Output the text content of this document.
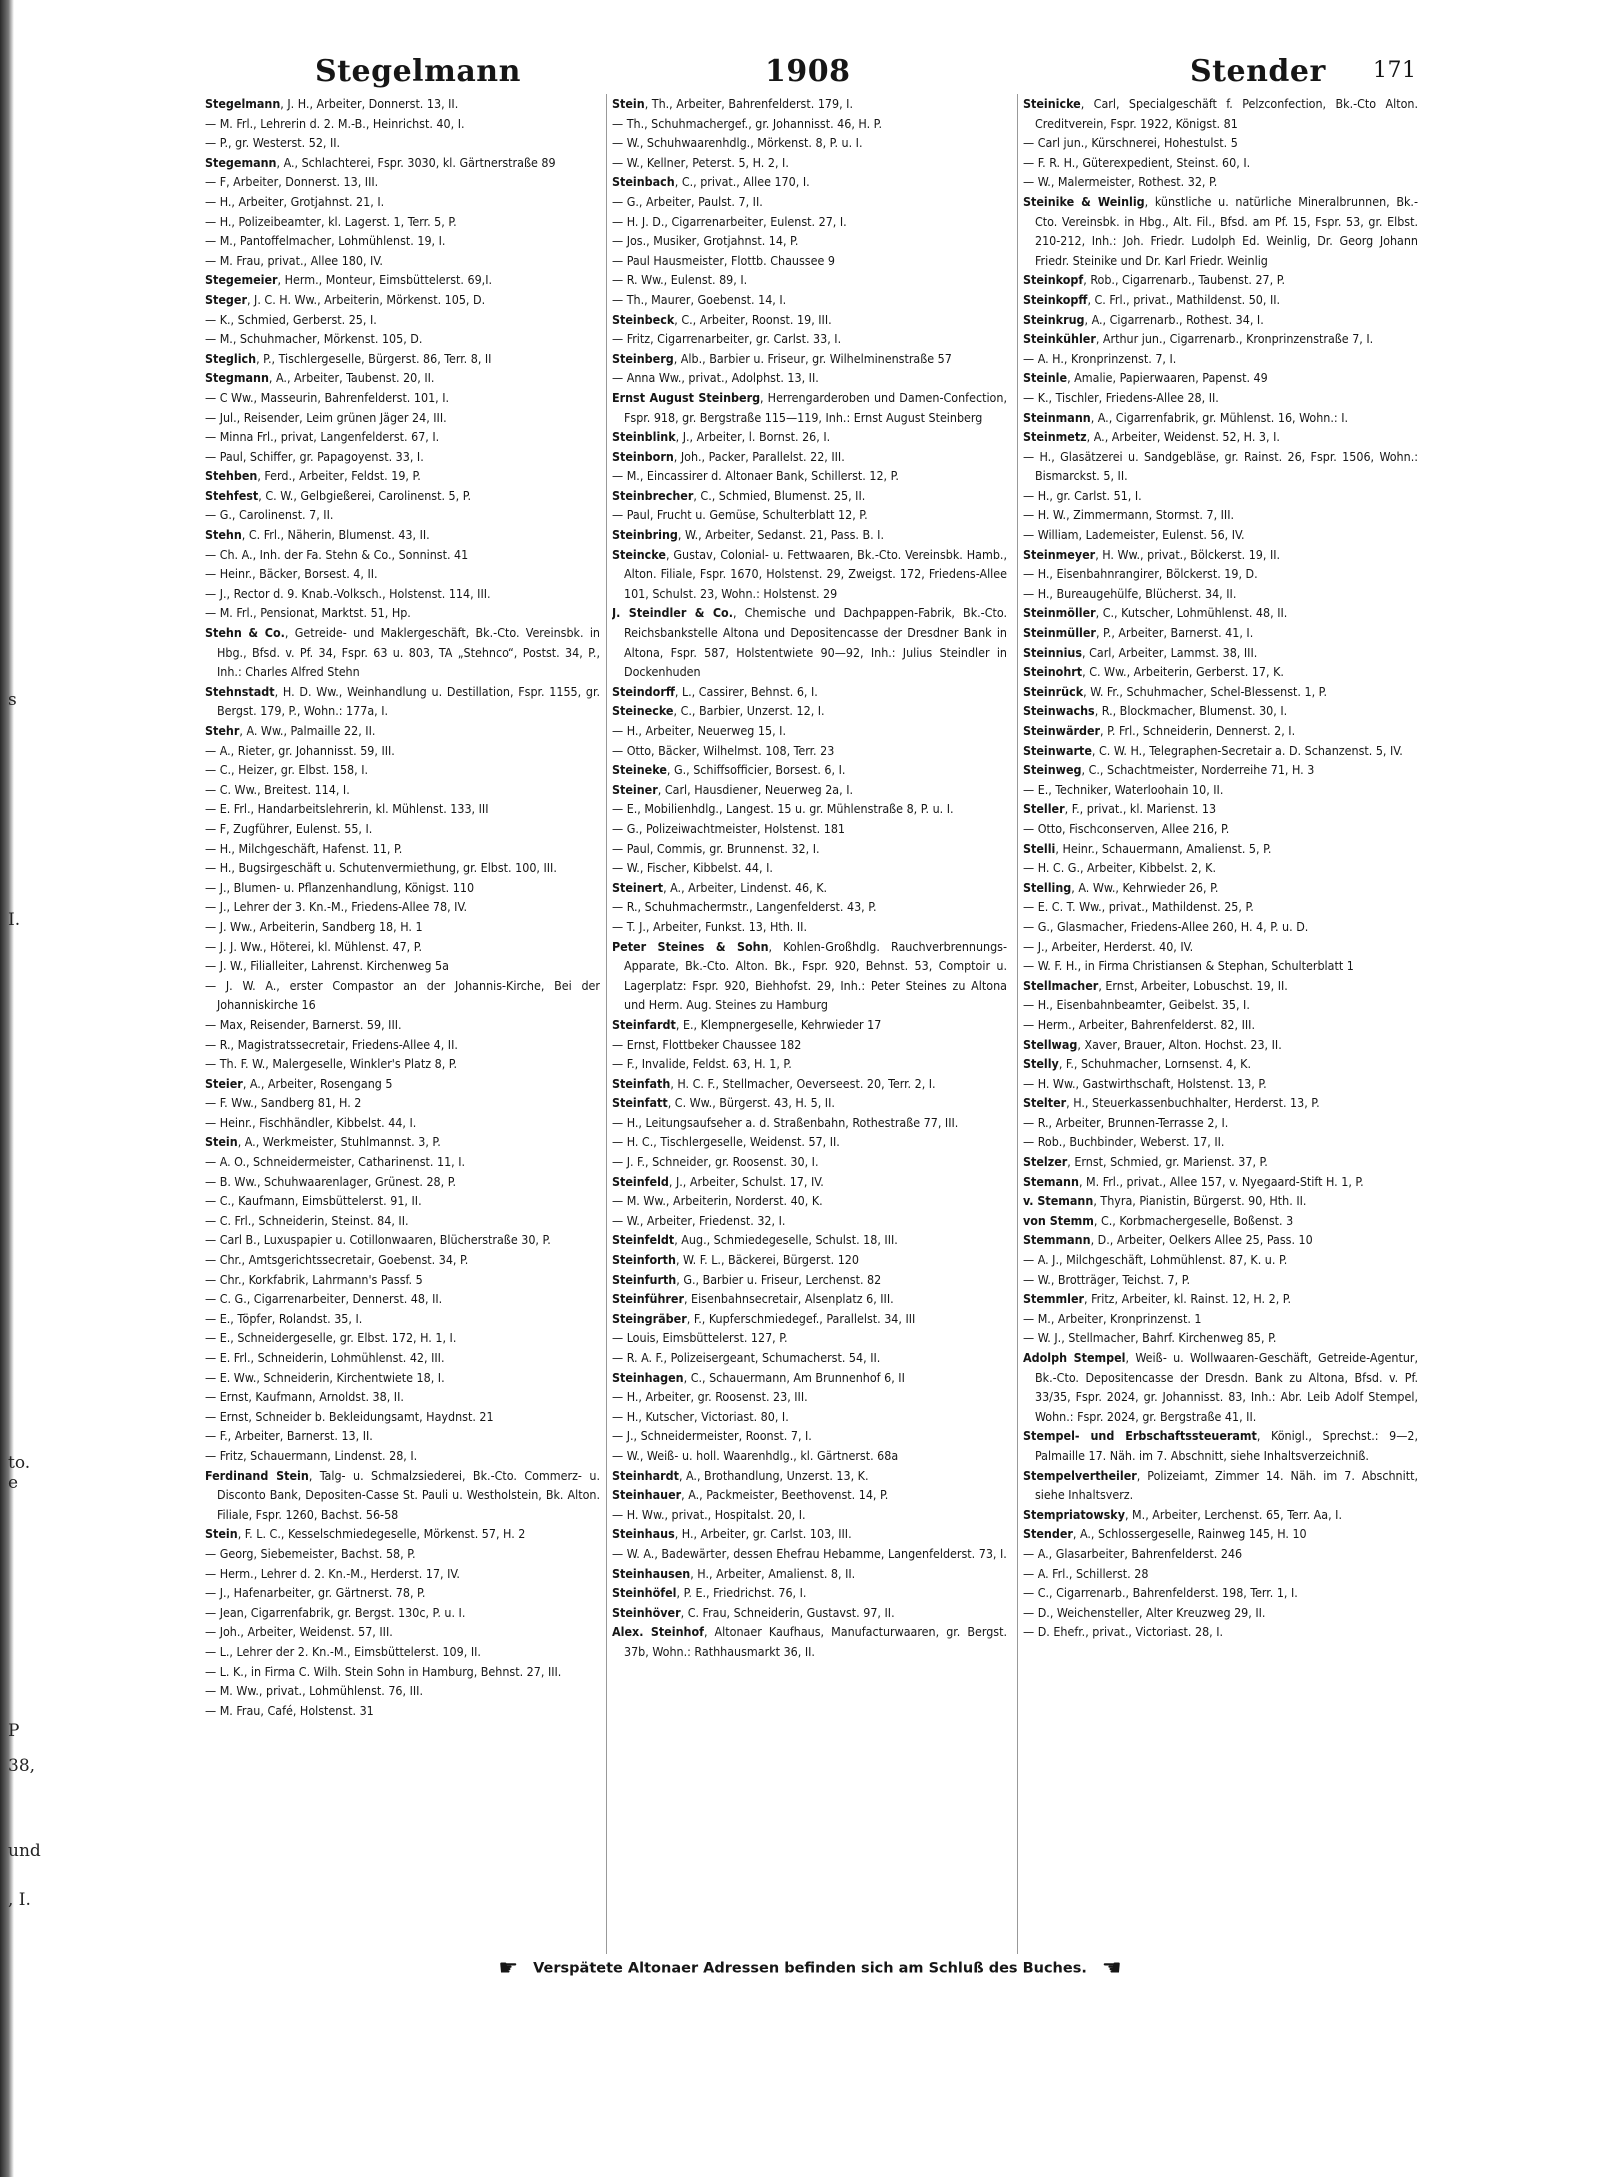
s
I.
to.
e
P
38,
und
, I.
Stegelmann	1908	Stender 171

Stegelmann, J. H., Arbeiter, Donnerst. 13, II.

— M. Frl., Lehrerin d. 2. M.-B., Heinrichst. 40, I.

— P., gr. Westerst. 52, II.

Stegemann, A., Schlachterei, Fspr. 3030, kl. Gärtnerstraße 89

— F, Arbeiter, Donnerst. 13, III.

— H., Arbeiter, Grotjahnst. 21, I.

— H., Polizeibeamter, kl. Lagerst. 1, Terr. 5, P.

— M., Pantoffelmacher, Lohmühlenst. 19, I.

— M. Frau, privat., Allee 180, IV.

Stegemeier, Herm., Monteur, Eimsbüttelerst. 69,I.

Steger, J. C. H. Ww., Arbeiterin, Mörkenst. 105, D.

— K., Schmied, Gerberst. 25, I.

— M., Schuhmacher, Mörkenst. 105, D.

Steglich, P., Tischlergeselle, Bürgerst. 86, Terr. 8, II

Stegmann, A., Arbeiter, Taubenst. 20, II.

— C Ww., Masseurin, Bahrenfelderst. 101, I.

— Jul., Reisender, Leim grünen Jäger 24, III.

— Minna Frl., privat, Langenfelderst. 67, I.

— Paul, Schiffer, gr. Papagoyenst. 33, I.

Stehben, Ferd., Arbeiter, Feldst. 19, P.

Stehfest, C. W., Gelbgießerei, Carolinenst. 5, P.

— G., Carolinenst. 7, II.

Stehn, C. Frl., Näherin, Blumenst. 43, II.

— Ch. A., Inh. der Fa. Stehn & Co., Sonninst. 41

— Heinr., Bäcker, Borsest. 4, II.

— J., Rector d. 9. Knab.-Volksch., Holstenst. 114, III.

— M. Frl., Pensionat, Marktst. 51, Hp.

Stehn & Co., Getreide- und Maklergeschäft, Bk.-Cto. Vereinsbk. in Hbg., Bfsd. v. Pf. 34, Fspr. 63 u. 803, TA „Stehnco“, Postst. 34, P., Inh.: Charles Alfred Stehn

Stehnstadt, H. D. Ww., Weinhandlung u. Destillation, Fspr. 1155, gr. Bergst. 179, P., Wohn.: 177a, I.

Stehr, A. Ww., Palmaille 22, II.

— A., Rieter, gr. Johannisst. 59, III.

— C., Heizer, gr. Elbst. 158, I.

— C. Ww., Breitest. 114, I.

— E. Frl., Handarbeitslehrerin, kl. Mühlenst. 133, III

— F, Zugführer, Eulenst. 55, I.

— H., Milchgeschäft, Hafenst. 11, P.

— H., Bugsirgeschäft u. Schutenvermiethung, gr. Elbst. 100, III.

— J., Blumen- u. Pflanzenhandlung, Königst. 110

— J., Lehrer der 3. Kn.-M., Friedens-Allee 78, IV.

— J. Ww., Arbeiterin, Sandberg 18, H. 1

— J. J. Ww., Höterei, kl. Mühlenst. 47, P.

— J. W., Filialleiter, Lahrenst. Kirchenweg 5a

— J. W. A., erster Compastor an der Johannis-Kirche, Bei der Johanniskirche 16

— Max, Reisender, Barnerst. 59, III.

— R., Magistratssecretair, Friedens-Allee 4, II.

— Th. F. W., Malergeselle, Winkler's Platz 8, P.

Steier, A., Arbeiter, Rosengang 5

— F. Ww., Sandberg 81, H. 2

— Heinr., Fischhändler, Kibbelst. 44, I.

Stein, A., Werkmeister, Stuhlmannst. 3, P.

— A. O., Schneidermeister, Catharinenst. 11, I.

— B. Ww., Schuhwaarenlager, Grünest. 28, P.

— C., Kaufmann, Eimsbüttelerst. 91, II.

— C. Frl., Schneiderin, Steinst. 84, II.

— Carl B., Luxuspapier u. Cotillonwaaren, Blücherstraße 30, P.

— Chr., Amtsgerichtssecretair, Goebenst. 34, P.

— Chr., Korkfabrik, Lahrmann's Passf. 5

— C. G., Cigarrenarbeiter, Dennerst. 48, II.

— E., Töpfer, Rolandst. 35, I.

— E., Schneidergeselle, gr. Elbst. 172, H. 1, I.

— E. Frl., Schneiderin, Lohmühlenst. 42, III.

— E. Ww., Schneiderin, Kirchentwiete 18, I.

— Ernst, Kaufmann, Arnoldst. 38, II.

— Ernst, Schneider b. Bekleidungsamt, Haydnst. 21

— F., Arbeiter, Barnerst. 13, II.

— Fritz, Schauermann, Lindenst. 28, I.

Ferdinand Stein, Talg- u. Schmalzsiederei, Bk.-Cto. Commerz- u. Disconto Bank, Depositen-Casse St. Pauli u. Westholstein, Bk. Alton. Filiale, Fspr. 1260, Bachst. 56-58

Stein, F. L. C., Kesselschmiedegeselle, Mörkenst. 57, H. 2

— Georg, Siebemeister, Bachst. 58, P.

— Herm., Lehrer d. 2. Kn.-M., Herderst. 17, IV.

— J., Hafenarbeiter, gr. Gärtnerst. 78, P.

— Jean, Cigarrenfabrik, gr. Bergst. 130c, P. u. I.

— Joh., Arbeiter, Weidenst. 57, III.

— L., Lehrer der 2. Kn.-M., Eimsbüttelerst. 109, II.

— L. K., in Firma C. Wilh. Stein Sohn in Hamburg, Behnst. 27, III.

— M. Ww., privat., Lohmühlenst. 76, III.

— M. Frau, Café, Holstenst. 31

Stein, Th., Arbeiter, Bahrenfelderst. 179, I.

— Th., Schuhmachergef., gr. Johannisst. 46, H. P.

— W., Schuhwaarenhdlg., Mörkenst. 8, P. u. I.

— W., Kellner, Peterst. 5, H. 2, I.

Steinbach, C., privat., Allee 170, I.

— G., Arbeiter, Paulst. 7, II.

— H. J. D., Cigarrenarbeiter, Eulenst. 27, I.

— Jos., Musiker, Grotjahnst. 14, P.

— Paul Hausmeister, Flottb. Chaussee 9

— R. Ww., Eulenst. 89, I.

— Th., Maurer, Goebenst. 14, I.

Steinbeck, C., Arbeiter, Roonst. 19, III.

— Fritz, Cigarrenarbeiter, gr. Carlst. 33, I.

Steinberg, Alb., Barbier u. Friseur, gr. Wilhelminenstraße 57

— Anna Ww., privat., Adolphst. 13, II.

Ernst August Steinberg, Herrengarderoben und Damen-Confection, Fspr. 918, gr. Bergstraße 115—119, Inh.: Ernst August Steinberg

Steinblink, J., Arbeiter, l. Bornst. 26, I.

Steinborn, Joh., Packer, Parallelst. 22, III.

— M., Eincassirer d. Altonaer Bank, Schillerst. 12, P.

Steinbrecher, C., Schmied, Blumenst. 25, II.

— Paul, Frucht u. Gemüse, Schulterblatt 12, P.

Steinbring, W., Arbeiter, Sedanst. 21, Pass. B. I.

Steincke, Gustav, Colonial- u. Fettwaaren, Bk.-Cto. Vereinsbk. Hamb., Alton. Filiale, Fspr. 1670, Holstenst. 29, Zweigst. 172, Friedens-Allee 101, Schulst. 23, Wohn.: Holstenst. 29

J. Steindler & Co., Chemische und Dachpappen-Fabrik, Bk.-Cto. Reichsbankstelle Altona und Depositencasse der Dresdner Bank in Altona, Fspr. 587, Holstentwiete 90—92, Inh.: Julius Steindler in Dockenhuden

Steindorff, L., Cassirer, Behnst. 6, I.

Steinecke, C., Barbier, Unzerst. 12, I.

— H., Arbeiter, Neuerweg 15, I.

— Otto, Bäcker, Wilhelmst. 108, Terr. 23

Steineke, G., Schiffsofficier, Borsest. 6, I.

Steiner, Carl, Hausdiener, Neuerweg 2a, I.

— E., Mobilienhdlg., Langest. 15 u. gr. Mühlenstraße 8, P. u. I.

— G., Polizeiwachtmeister, Holstenst. 181

— Paul, Commis, gr. Brunnenst. 32, I.

— W., Fischer, Kibbelst. 44, I.

Steinert, A., Arbeiter, Lindenst. 46, K.

— R., Schuhmachermstr., Langenfelderst. 43, P.

— T. J., Arbeiter, Funkst. 13, Hth. II.

Peter Steines & Sohn, Kohlen-Großhdlg. Rauchverbrennungs-Apparate, Bk.-Cto. Alton. Bk., Fspr. 920, Behnst. 53, Comptoir u. Lagerplatz: Fspr. 920, Biehhofst. 29, Inh.: Peter Steines zu Altona und Herm. Aug. Steines zu Hamburg

Steinfardt, E., Klempnergeselle, Kehrwieder 17

— Ernst, Flottbeker Chaussee 182

— F., Invalide, Feldst. 63, H. 1, P.

Steinfath, H. C. F., Stellmacher, Oeverseest. 20, Terr. 2, I.

Steinfatt, C. Ww., Bürgerst. 43, H. 5, II.

— H., Leitungsaufseher a. d. Straßenbahn, Rothestraße 77, III.

— H. C., Tischlergeselle, Weidenst. 57, II.

— J. F., Schneider, gr. Roosenst. 30, I.

Steinfeld, J., Arbeiter, Schulst. 17, IV.

— M. Ww., Arbeiterin, Norderst. 40, K.

— W., Arbeiter, Friedenst. 32, I.

Steinfeldt, Aug., Schmiedegeselle, Schulst. 18, III.

Steinforth, W. F. L., Bäckerei, Bürgerst. 120

Steinfurth, G., Barbier u. Friseur, Lerchenst. 82

Steinführer, Eisenbahnsecretair, Alsenplatz 6, III.

Steingräber, F., Kupferschmiedegef., Parallelst. 34, III

— Louis, Eimsbüttelerst. 127, P.

— R. A. F., Polizeisergeant, Schumacherst. 54, II.

Steinhagen, C., Schauermann, Am Brunnenhof 6, II

— H., Arbeiter, gr. Roosenst. 23, III.

— H., Kutscher, Victoriast. 80, I.

— J., Schneidermeister, Roonst. 7, I.

— W., Weiß- u. holl. Waarenhdlg., kl. Gärtnerst. 68a

Steinhardt, A., Brothandlung, Unzerst. 13, K.

Steinhauer, A., Packmeister, Beethovenst. 14, P.

— H. Ww., privat., Hospitalst. 20, I.

Steinhaus, H., Arbeiter, gr. Carlst. 103, III.

— W. A., Badewärter, dessen Ehefrau Hebamme, Langenfelderst. 73, I.

Steinhausen, H., Arbeiter, Amalienst. 8, II.

Steinhöfel, P. E., Friedrichst. 76, I.

Steinhöver, C. Frau, Schneiderin, Gustavst. 97, II.

Alex. Steinhof, Altonaer Kaufhaus, Manufacturwaaren, gr. Bergst. 37b, Wohn.: Rathhausmarkt 36, II.

Steinicke, Carl, Specialgeschäft f. Pelzconfection, Bk.-Cto Alton. Creditverein, Fspr. 1922, Königst. 81

— Carl jun., Kürschnerei, Hohestulst. 5

— F. R. H., Güterexpedient, Steinst. 60, I.

— W., Malermeister, Rothest. 32, P.

Steinike & Weinlig, künstliche u. natürliche Mineralbrunnen, Bk.-Cto. Vereinsbk. in Hbg., Alt. Fil., Bfsd. am Pf. 15, Fspr. 53, gr. Elbst. 210-212, Inh.: Joh. Friedr. Ludolph Ed. Weinlig, Dr. Georg Johann Friedr. Steinike und Dr. Karl Friedr. Weinlig

Steinkopf, Rob., Cigarrenarb., Taubenst. 27, P.

Steinkopff, C. Frl., privat., Mathildenst. 50, II.

Steinkrug, A., Cigarrenarb., Rothest. 34, I.

Steinkühler, Arthur jun., Cigarrenarb., Kronprinzenstraße 7, I.

— A. H., Kronprinzenst. 7, I.

Steinle, Amalie, Papierwaaren, Papenst. 49

— K., Tischler, Friedens-Allee 28, II.

Steinmann, A., Cigarrenfabrik, gr. Mühlenst. 16, Wohn.: I.

Steinmetz, A., Arbeiter, Weidenst. 52, H. 3, I.

— H., Glasätzerei u. Sandgebläse, gr. Rainst. 26, Fspr. 1506, Wohn.: Bismarckst. 5, II.

— H., gr. Carlst. 51, I.

— H. W., Zimmermann, Stormst. 7, III.

— William, Lademeister, Eulenst. 56, IV.

Steinmeyer, H. Ww., privat., Bölckerst. 19, II.

— H., Eisenbahnrangirer, Bölckerst. 19, D.

— H., Bureaugehülfe, Blücherst. 34, II.

Steinmöller, C., Kutscher, Lohmühlenst. 48, II.

Steinmüller, P., Arbeiter, Barnerst. 41, I.

Steinnius, Carl, Arbeiter, Lammst. 38, III.

Steinohrt, C. Ww., Arbeiterin, Gerberst. 17, K.

Steinrück, W. Fr., Schuhmacher, Schel-Blessenst. 1, P.

Steinwachs, R., Blockmacher, Blumenst. 30, I.

Steinwärder, P. Frl., Schneiderin, Dennerst. 2, I.

Steinwarte, C. W. H., Telegraphen-Secretair a. D. Schanzenst. 5, IV.

Steinweg, C., Schachtmeister, Norderreihe 71, H. 3

— E., Techniker, Waterloohain 10, II.

Steller, F., privat., kl. Marienst. 13

— Otto, Fischconserven, Allee 216, P.

Stelli, Heinr., Schauermann, Amalienst. 5, P.

— H. C. G., Arbeiter, Kibbelst. 2, K.

Stelling, A. Ww., Kehrwieder 26, P.

— E. C. T. Ww., privat., Mathildenst. 25, P.

— G., Glasmacher, Friedens-Allee 260, H. 4, P. u. D.

— J., Arbeiter, Herderst. 40, IV.

— W. F. H., in Firma Christiansen & Stephan, Schulterblatt 1

Stellmacher, Ernst, Arbeiter, Lobuschst. 19, II.

— H., Eisenbahnbeamter, Geibelst. 35, I.

— Herm., Arbeiter, Bahrenfelderst. 82, III.

Stellwag, Xaver, Brauer, Alton. Hochst. 23, II.

Stelly, F., Schuhmacher, Lornsenst. 4, K.

— H. Ww., Gastwirthschaft, Holstenst. 13, P.

Stelter, H., Steuerkassenbuchhalter, Herderst. 13, P.

— R., Arbeiter, Brunnen-Terrasse 2, I.

— Rob., Buchbinder, Weberst. 17, II.

Stelzer, Ernst, Schmied, gr. Marienst. 37, P.

Stemann, M. Frl., privat., Allee 157, v. Nyegaard-Stift H. 1, P.

v. Stemann, Thyra, Pianistin, Bürgerst. 90, Hth. II.

von Stemm, C., Korbmachergeselle, Boßenst. 3

Stemmann, D., Arbeiter, Oelkers Allee 25, Pass. 10

— A. J., Milchgeschäft, Lohmühlenst. 87, K. u. P.

— W., Brotträger, Teichst. 7, P.

Stemmler, Fritz, Arbeiter, kl. Rainst. 12, H. 2, P.

— M., Arbeiter, Kronprinzenst. 1

— W. J., Stellmacher, Bahrf. Kirchenweg 85, P.

Adolph Stempel, Weiß- u. Wollwaaren-Geschäft, Getreide-Agentur, Bk.-Cto. Depositencasse der Dresdn. Bank zu Altona, Bfsd. v. Pf. 33/35, Fspr. 2024, gr. Johannisst. 83, Inh.: Abr. Leib Adolf Stempel, Wohn.: Fspr. 2024, gr. Bergstraße 41, II.

Stempel- und Erbschaftssteueramt, Königl., Sprechst.: 9—2, Palmaille 17. Näh. im 7. Abschnitt, siehe Inhaltsverzeichniß.

Stempelvertheiler, Polizeiamt, Zimmer 14. Näh. im 7. Abschnitt, siehe Inhaltsverz.

Stempriatowsky, M., Arbeiter, Lerchenst. 65, Terr. Aa, I.

Stender, A., Schlossergeselle, Rainweg 145, H. 10

— A., Glasarbeiter, Bahrenfelderst. 246

— A. Frl., Schillerst. 28

— C., Cigarrenarb., Bahrenfelderst. 198, Terr. 1, I.

— D., Weichensteller, Alter Kreuzweg 29, II.

— D. Ehefr., privat., Victoriast. 28, I.

☛ Verspätete Altonaer Adressen befinden sich am Schluß des Buches. ☚
